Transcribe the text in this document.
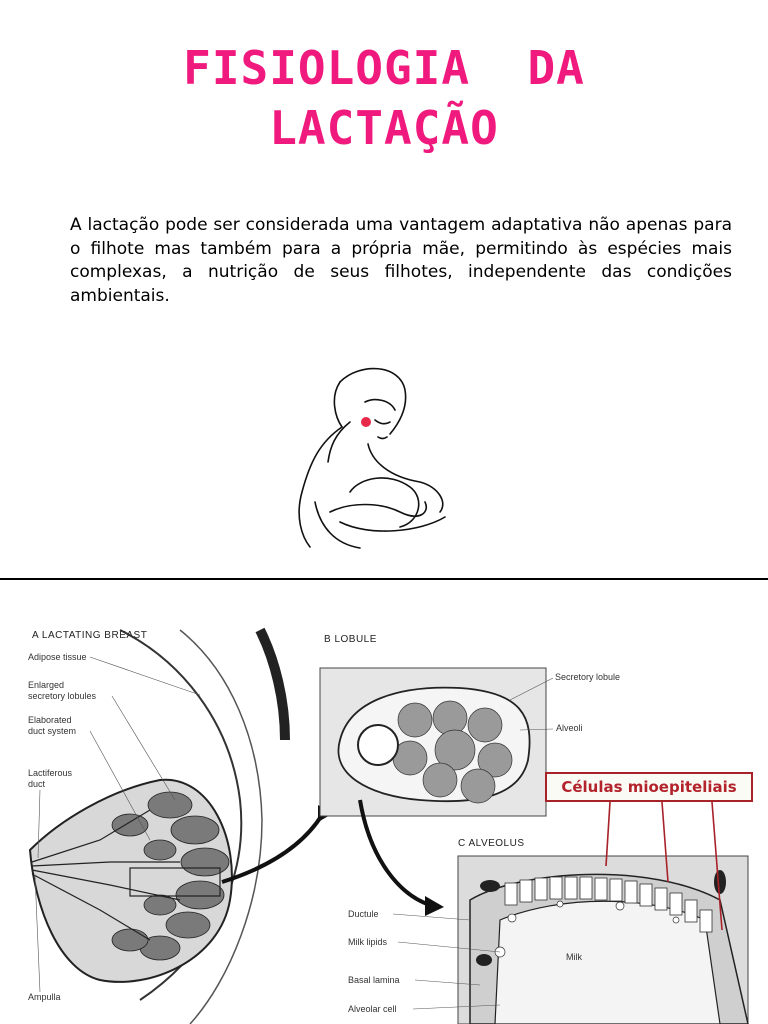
FISIOLOGIA  DA
LACTAÇÃO
A lactação pode ser considerada uma vantagem adaptativa não apenas para o filhote mas também para a própria mãe, permitindo às espécies mais complexas, a nutrição de seus filhotes, independente das condições ambientais.
A LACTATING BREAST
Adipose tissue
Enlarged
secretory lobules
Elaborated
duct system
Lactiferous
duct
Ampulla
B LOBULE
Secretory lobule
Alveoli
C ALVEOLUS
Milk
Ductule
Milk lipids
Basal lamina
Alveolar cell
Células mioepiteliais
